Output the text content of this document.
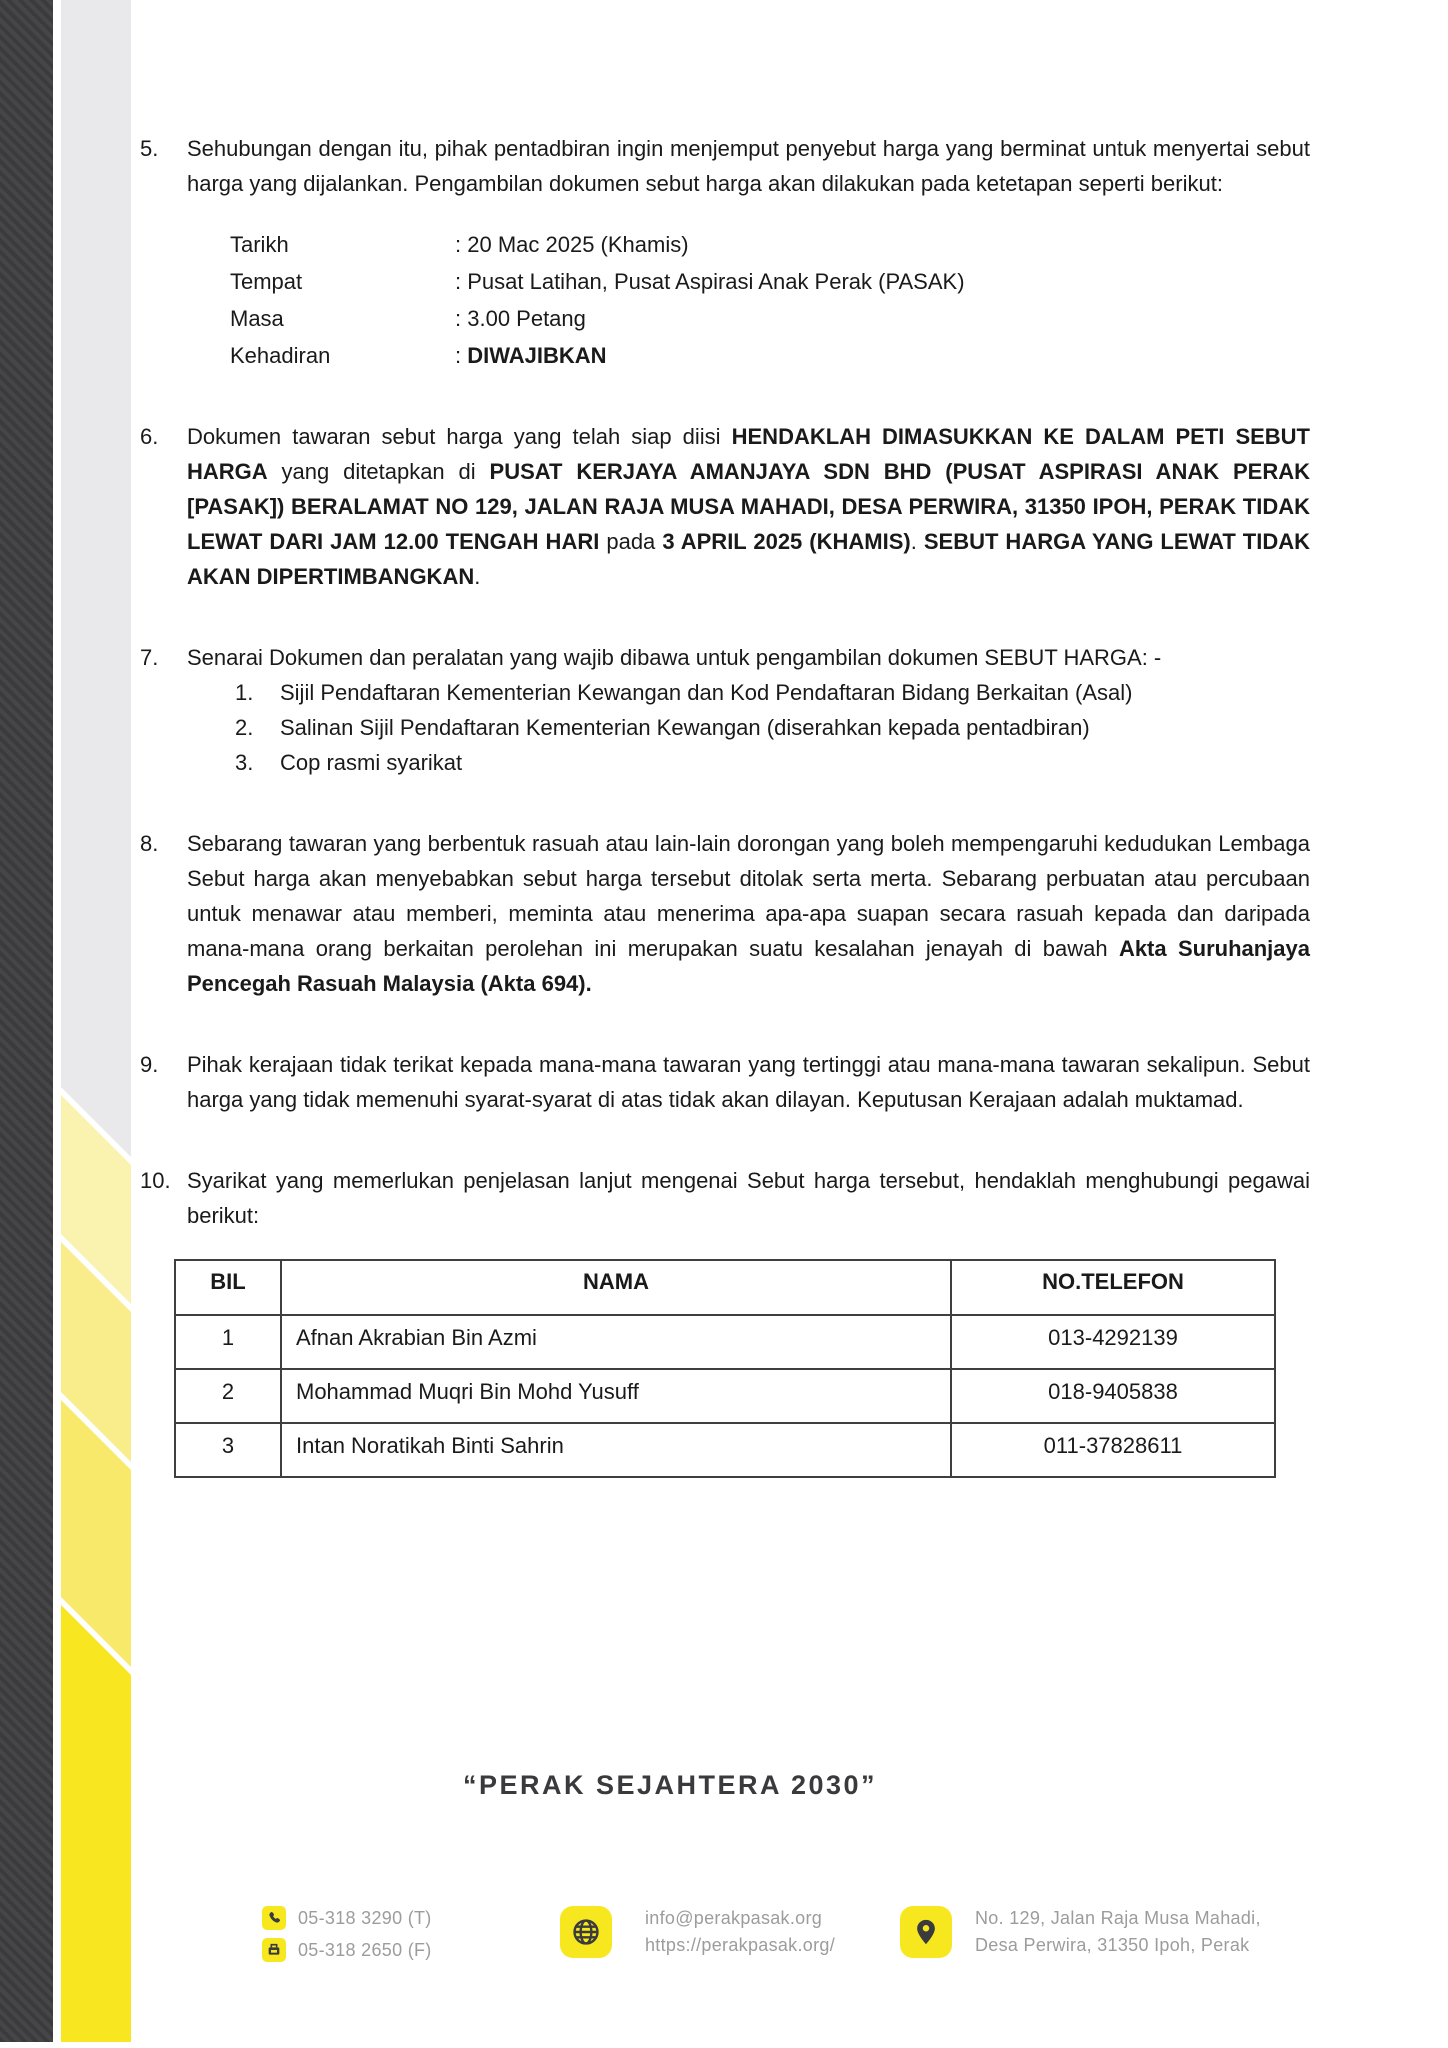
5. Sehubungan dengan itu, pihak pentadbiran ingin menjemput penyebut harga yang berminat untuk menyertai sebut harga yang dijalankan. Pengambilan dokumen sebut harga akan dilakukan pada ketetapan seperti berikut:
Tarikh	: 20 Mac 2025 (Khamis)
Tempat	: Pusat Latihan, Pusat Aspirasi Anak Perak (PASAK)
Masa	: 3.00 Petang
Kehadiran	: DIWAJIBKAN
6. Dokumen tawaran sebut harga yang telah siap diisi HENDAKLAH DIMASUKKAN KE DALAM PETI SEBUT HARGA yang ditetapkan di PUSAT KERJAYA AMANJAYA SDN BHD (PUSAT ASPIRASI ANAK PERAK [PASAK]) BERALAMAT NO 129, JALAN RAJA MUSA MAHADI, DESA PERWIRA, 31350 IPOH, PERAK TIDAK LEWAT DARI JAM 12.00 TENGAH HARI pada 3 APRIL 2025 (KHAMIS). SEBUT HARGA YANG LEWAT TIDAK AKAN DIPERTIMBANGKAN.
7. Senarai Dokumen dan peralatan yang wajib dibawa untuk pengambilan dokumen SEBUT HARGA: -
1. Sijil Pendaftaran Kementerian Kewangan dan Kod Pendaftaran Bidang Berkaitan (Asal)
2. Salinan Sijil Pendaftaran Kementerian Kewangan (diserahkan kepada pentadbiran)
3. Cop rasmi syarikat
8. Sebarang tawaran yang berbentuk rasuah atau lain-lain dorongan yang boleh mempengaruhi kedudukan Lembaga Sebut harga akan menyebabkan sebut harga tersebut ditolak serta merta. Sebarang perbuatan atau percubaan untuk menawar atau memberi, meminta atau menerima apa-apa suapan secara rasuah kepada dan daripada mana-mana orang berkaitan perolehan ini merupakan suatu kesalahan jenayah di bawah Akta Suruhanjaya Pencegah Rasuah Malaysia (Akta 694).
9. Pihak kerajaan tidak terikat kepada mana-mana tawaran yang tertinggi atau mana-mana tawaran sekalipun. Sebut harga yang tidak memenuhi syarat-syarat di atas tidak akan dilayan. Keputusan Kerajaan adalah muktamad.
10. Syarikat yang memerlukan penjelasan lanjut mengenai Sebut harga tersebut, hendaklah menghubungi pegawai berikut:
BIL	NAMA	NO.TELEFON
1	Afnan Akrabian Bin Azmi	013-4292139
2	Mohammad Muqri Bin Mohd Yusuff	018-9405838
3	Intan Noratikah Binti Sahrin	011-37828611
“PERAK SEJAHTERA 2030”
05-318 3290 (T)
05-318 2650 (F)
info@perakpasak.org
https://perakpasak.org/
No. 129, Jalan Raja Musa Mahadi,
Desa Perwira, 31350 Ipoh, Perak
